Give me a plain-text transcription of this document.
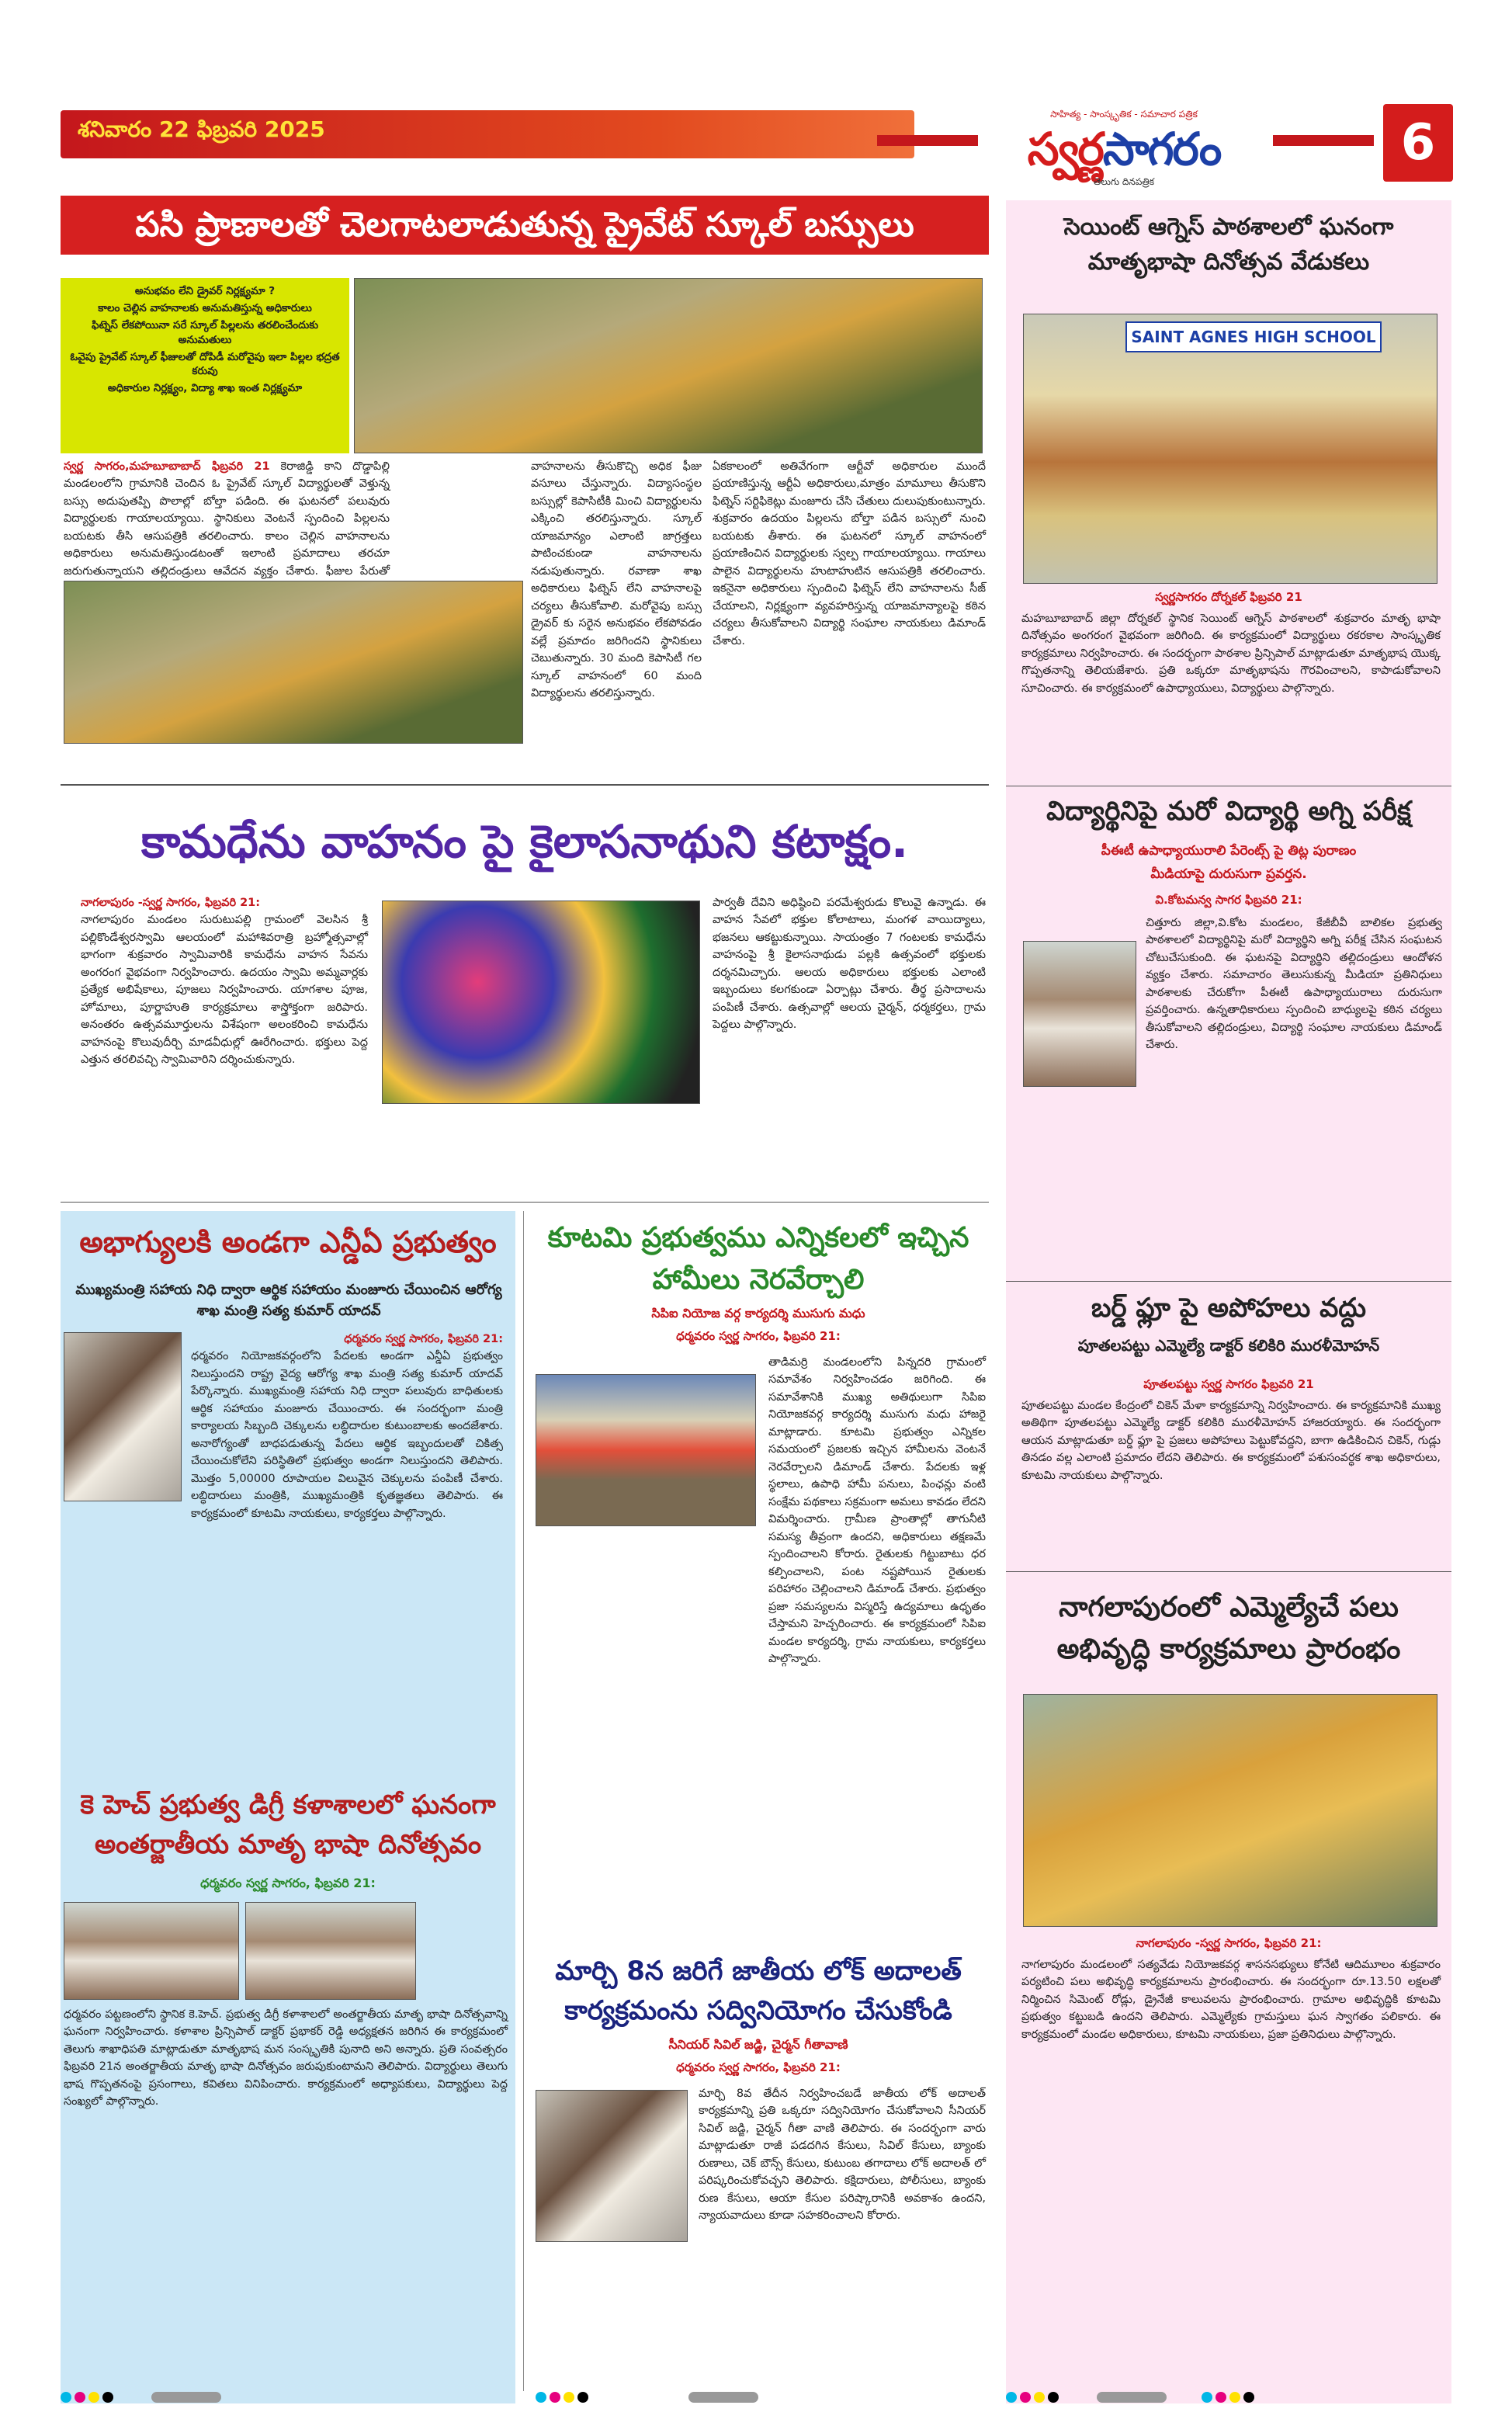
శనివారం 22 ఫిబ్రవరి 2025
సాహిత్య - సాంస్కృతిక - సమాచార పత్రిక
స్వర్ణసాగరం
తెలుగు దినపత్రిక
6
పసి ప్రాణాలతో చెలగాటలాడుతున్న ప్రైవేట్ స్కూల్ బస్సులు
అనుభవం లేని డ్రైవర్ నిర్లక్ష్యమా ?
కాలం చెల్లిన వాహనాలకు అనుమతిస్తున్న అధికారులు
ఫిట్నెస్ లేకపోయినా సరే స్కూల్ పిల్లలను తరలించేందుకు అనుమతులు
ఓవైపు ప్రైవేట్ స్కూల్ ఫీజులతో దోపిడీ మరోవైపు ఇలా పిల్లల భద్రత కరువు
అధికారుల నిర్లక్ష్యం, విద్యా శాఖ ఇంత నిర్లక్ష్యమా
స్వర్ణ సాగరం,మహబూబాబాద్ ఫిబ్రవరి 21 కెరాజిడ్డి కాని దొడ్డాపిల్లి మండలంలోని గ్రామానికి చెందిన ఓ ప్రైవేట్ స్కూల్ విద్యార్థులతో వెళ్తున్న బస్సు అదుపుతప్పి పొలాల్లో బోల్తా పడింది. ఈ ఘటనలో పలువురు విద్యార్థులకు గాయాలయ్యాయి. స్థానికులు వెంటనే స్పందించి పిల్లలను బయటకు తీసి ఆసుపత్రికి తరలించారు. కాలం చెల్లిన వాహనాలను అధికారులు అనుమతిస్తుండటంతో ఇలాంటి ప్రమాదాలు తరచూ జరుగుతున్నాయని తల్లిదండ్రులు ఆవేదన వ్యక్తం చేశారు. ఫీజుల పేరుతో
వాహనాలను తీసుకొచ్చి అధిక ఫీజు వసూలు చేస్తున్నారు. విద్యాసంస్థల బస్సుల్లో కెపాసిటీకి మించి విద్యార్థులను ఎక్కించి తరలిస్తున్నారు. స్కూల్ యాజమాన్యం ఎలాంటి జాగ్రత్తలు పాటించకుండా వాహనాలను నడుపుతున్నారు. రవాణా శాఖ అధికారులు ఫిట్నెస్ లేని వాహనాలపై చర్యలు తీసుకోవాలి. మరోవైపు బస్సు డ్రైవర్ కు సరైన అనుభవం లేకపోవడం వల్లే ప్రమాదం జరిగిందని స్థానికులు చెబుతున్నారు. 30 మంది కెపాసిటీ గల స్కూల్ వాహనంలో 60 మంది విద్యార్థులను తరలిస్తున్నారు.
ఏకకాలంలో అతివేగంగా ఆర్టీవో అధికారుల ముందే ప్రయాణిస్తున్న ఆర్టీఏ అధికారులు,మాత్రం మామూలు తీసుకొని ఫిట్నెస్ సర్టిఫికెట్లు మంజూరు చేసి చేతులు దులుపుకుంటున్నారు. శుక్రవారం ఉదయం పిల్లలను బోల్తా పడిన బస్సులో నుంచి బయటకు తీశారు. ఈ ఘటనలో స్కూల్ వాహనంలో ప్రయాణించిన విద్యార్థులకు స్వల్ప గాయాలయ్యాయి. గాయాలు పాలైన విద్యార్థులను హుటాహుటిన ఆసుపత్రికి తరలించారు. ఇకనైనా అధికారులు స్పందించి ఫిట్నెస్ లేని వాహనాలను సీజ్ చేయాలని, నిర్లక్ష్యంగా వ్యవహరిస్తున్న యాజమాన్యాలపై కఠిన చర్యలు తీసుకోవాలని విద్యార్థి సంఘాల నాయకులు డిమాండ్ చేశారు.
కామధేను వాహనం పై కైలాసనాథుని కటాక్షం.
నాగలాపురం -స్వర్ణ సాగరం, ఫిబ్రవరి 21:
నాగలాపురం మండలం సురుటుపల్లి గ్రామంలో వెలసిన శ్రీ పల్లికొండేశ్వరస్వామి ఆలయంలో మహాశివరాత్రి బ్రహ్మోత్సవాల్లో భాగంగా శుక్రవారం స్వామివారికి కామధేను వాహన సేవను అంగరంగ వైభవంగా నిర్వహించారు. ఉదయం స్వామి అమ్మవార్లకు ప్రత్యేక అభిషేకాలు, పూజలు నిర్వహించారు. యాగశాల పూజ, హోమాలు, పూర్ణాహుతి కార్యక్రమాలు శాస్త్రోక్తంగా జరిపారు. అనంతరం ఉత్సవమూర్తులను విశేషంగా అలంకరించి కామధేను వాహనంపై కొలువుదీర్చి మాడవీధుల్లో ఊరేగించారు. భక్తులు పెద్ద ఎత్తున తరలివచ్చి స్వామివారిని దర్శించుకున్నారు.
పార్వతీ దేవిని అధిష్ఠించి పరమేశ్వరుడు కొలువై ఉన్నాడు. ఈ వాహన సేవలో భక్తుల కోలాటాలు, మంగళ వాయిద్యాలు, భజనలు ఆకట్టుకున్నాయి. సాయంత్రం 7 గంటలకు కామధేను వాహనంపై శ్రీ కైలాసనాథుడు పల్లకి ఉత్సవంలో భక్తులకు దర్శనమిచ్చారు. ఆలయ అధికారులు భక్తులకు ఎలాంటి ఇబ్బందులు కలగకుండా ఏర్పాట్లు చేశారు. తీర్థ ప్రసాదాలను పంపిణీ చేశారు. ఉత్సవాల్లో ఆలయ చైర్మన్, ధర్మకర్తలు, గ్రామ పెద్దలు పాల్గొన్నారు.
అభాగ్యులకి అండగా ఎన్డీఏ ప్రభుత్వం
ముఖ్యమంత్రి సహాయ నిధి ద్వారా ఆర్థిక సహాయం మంజూరు చేయించిన ఆరోగ్య శాఖ మంత్రి సత్య కుమార్ యాదవ్
ధర్మవరం స్వర్ణ సాగరం, ఫిబ్రవరి 21:
ధర్మవరం నియోజకవర్గంలోని పేదలకు అండగా ఎన్డీఏ ప్రభుత్వం నిలుస్తుందని రాష్ట్ర వైద్య ఆరోగ్య శాఖ మంత్రి సత్య కుమార్ యాదవ్ పేర్కొన్నారు. ముఖ్యమంత్రి సహాయ నిధి ద్వారా పలువురు బాధితులకు ఆర్థిక సహాయం మంజూరు చేయించారు. ఈ సందర్భంగా మంత్రి కార్యాలయ సిబ్బంది చెక్కులను లబ్ధిదారుల కుటుంబాలకు అందజేశారు. అనారోగ్యంతో బాధపడుతున్న పేదలు ఆర్థిక ఇబ్బందులతో చికిత్స చేయించుకోలేని పరిస్థితిలో ప్రభుత్వం అండగా నిలుస్తుందని తెలిపారు. మొత్తం 5,00000 రూపాయల విలువైన చెక్కులను పంపిణీ చేశారు. లబ్ధిదారులు మంత్రికి, ముఖ్యమంత్రికి కృతజ్ఞతలు తెలిపారు. ఈ కార్యక్రమంలో కూటమి నాయకులు, కార్యకర్తలు పాల్గొన్నారు.
కె హెచ్ ప్రభుత్వ డిగ్రీ కళాశాలలో ఘనంగా అంతర్జాతీయ మాతృ భాషా దినోత్సవం
ధర్మవరం స్వర్ణ సాగరం, ఫిబ్రవరి 21:
ధర్మవరం పట్టణంలోని స్థానిక కె.హెచ్. ప్రభుత్వ డిగ్రీ కళాశాలలో అంతర్జాతీయ మాతృ భాషా దినోత్సవాన్ని ఘనంగా నిర్వహించారు. కళాశాల ప్రిన్సిపాల్ డాక్టర్ ప్రభాకర్ రెడ్డి అధ్యక్షతన జరిగిన ఈ కార్యక్రమంలో తెలుగు శాఖాధిపతి మాట్లాడుతూ మాతృభాష మన సంస్కృతికి పునాది అని అన్నారు. ప్రతి సంవత్సరం ఫిబ్రవరి 21న అంతర్జాతీయ మాతృ భాషా దినోత్సవం జరుపుకుంటామని తెలిపారు. విద్యార్థులు తెలుగు భాష గొప్పతనంపై ప్రసంగాలు, కవితలు వినిపించారు. కార్యక్రమంలో అధ్యాపకులు, విద్యార్థులు పెద్ద సంఖ్యలో పాల్గొన్నారు.
కూటమి ప్రభుత్వము ఎన్నికలలో ఇచ్చిన హామీలు నెరవేర్చాలి
సిపిఐ నియోజ వర్గ కార్యదర్శి ముసుగు మధు
ధర్మవరం స్వర్ణ సాగరం, ఫిబ్రవరి 21:
తాడిమర్రి మండలంలోని పిన్నదరి గ్రామంలో సమావేశం నిర్వహించడం జరిగింది. ఈ సమావేశానికి ముఖ్య అతిథులుగా సిపిఐ నియోజకవర్గ కార్యదర్శి ముసుగు మధు హాజరై మాట్లాడారు. కూటమి ప్రభుత్వం ఎన్నికల సమయంలో ప్రజలకు ఇచ్చిన హామీలను వెంటనే నెరవేర్చాలని డిమాండ్ చేశారు. పేదలకు ఇళ్ల స్థలాలు, ఉపాధి హామీ పనులు, పింఛన్లు వంటి సంక్షేమ పథకాలు సక్రమంగా అమలు కావడం లేదని విమర్శించారు. గ్రామీణ ప్రాంతాల్లో తాగునీటి సమస్య తీవ్రంగా ఉందని, అధికారులు తక్షణమే స్పందించాలని కోరారు. రైతులకు గిట్టుబాటు ధర కల్పించాలని, పంట నష్టపోయిన రైతులకు పరిహారం చెల్లించాలని డిమాండ్ చేశారు. ప్రభుత్వం ప్రజా సమస్యలను విస్మరిస్తే ఉద్యమాలు ఉధృతం చేస్తామని హెచ్చరించారు. ఈ కార్యక్రమంలో సిపిఐ మండల కార్యదర్శి, గ్రామ నాయకులు, కార్యకర్తలు పాల్గొన్నారు.
మార్చి 8న జరిగే జాతీయ లోక్ అదాలత్ కార్యక్రమంను సద్వినియోగం చేసుకోండి
సీనియర్ సివిల్ జడ్జి, చైర్మన్ గీతావాణి
ధర్మవరం స్వర్ణ సాగరం, ఫిబ్రవరి 21:
మార్చి 8వ తేదీన నిర్వహించబడే జాతీయ లోక్ అదాలత్ కార్యక్రమాన్ని ప్రతి ఒక్కరూ సద్వినియోగం చేసుకోవాలని సీనియర్ సివిల్ జడ్జి, చైర్మన్ గీతా వాణి తెలిపారు. ఈ సందర్భంగా వారు మాట్లాడుతూ రాజీ పడదగిన కేసులు, సివిల్ కేసులు, బ్యాంకు రుణాలు, చెక్ బౌన్స్ కేసులు, కుటుంబ తగాదాలు లోక్ అదాలత్ లో పరిష్కరించుకోవచ్చని తెలిపారు. కక్షిదారులు, పోలీసులు, బ్యాంకు రుణ కేసులు, ఆయా కేసుల పరిష్కారానికి అవకాశం ఉందని, న్యాయవాదులు కూడా సహకరించాలని కోరారు.
సెయింట్ ఆగ్నెస్ పాఠశాలలో ఘనంగా మాతృభాషా దినోత్సవ వేడుకలు
SAINT AGNES HIGH SCHOOL
స్వర్ణసాగరం దోర్నకల్ ఫిబ్రవరి 21
మహబూబాబాద్ జిల్లా దోర్నకల్ స్థానిక సెయింట్ ఆగ్నెస్ పాఠశాలలో శుక్రవారం మాతృ భాషా దినోత్సవం అంగరంగ వైభవంగా జరిగింది. ఈ కార్యక్రమంలో విద్యార్థులు రకరకాల సాంస్కృతిక కార్యక్రమాలు నిర్వహించారు. ఈ సందర్భంగా పాఠశాల ప్రిన్సిపాల్ మాట్లాడుతూ మాతృభాష యొక్క గొప్పతనాన్ని తెలియజేశారు. ప్రతి ఒక్కరూ మాతృభాషను గౌరవించాలని, కాపాడుకోవాలని సూచించారు. ఈ కార్యక్రమంలో ఉపాధ్యాయులు, విద్యార్థులు పాల్గొన్నారు.
విద్యార్థినిపై మరో విద్యార్థి అగ్ని పరీక్ష
పీఈటీ ఉపాధ్యాయురాలి పేరెంట్స్ పై తిట్ల పురాణం
మీడియాపై దురుసుగా ప్రవర్తన.
వి.కోటమన్వ సాగర ఫిబ్రవరి 21:
చిత్తూరు జిల్లా,వి.కోట మండలం, కేజీబీవీ బాలికల ప్రభుత్వ పాఠశాలలో విద్యార్థినిపై మరో విద్యార్థిని అగ్ని పరీక్ష చేసిన సంఘటన చోటుచేసుకుంది. ఈ ఘటనపై విద్యార్థిని తల్లిదండ్రులు ఆందోళన వ్యక్తం చేశారు. సమాచారం తెలుసుకున్న మీడియా ప్రతినిధులు పాఠశాలకు చేరుకోగా పీఈటీ ఉపాధ్యాయురాలు దురుసుగా ప్రవర్తించారు. ఉన్నతాధికారులు స్పందించి బాధ్యులపై కఠిన చర్యలు తీసుకోవాలని తల్లిదండ్రులు, విద్యార్థి సంఘాల నాయకులు డిమాండ్ చేశారు.
బర్డ్ ఫ్లూ పై అపోహలు వద్దు
పూతలపట్టు ఎమ్మెల్యే డాక్టర్ కలికిరి మురళీమోహన్
పూతలపట్టు స్వర్ణ సాగరం ఫిబ్రవరి 21
పూతలపట్టు మండల కేంద్రంలో చికెన్ మేళా కార్యక్రమాన్ని నిర్వహించారు. ఈ కార్యక్రమానికి ముఖ్య అతిథిగా పూతలపట్టు ఎమ్మెల్యే డాక్టర్ కలికిరి మురళీమోహన్ హాజరయ్యారు. ఈ సందర్భంగా ఆయన మాట్లాడుతూ బర్డ్ ఫ్లూ పై ప్రజలు అపోహలు పెట్టుకోవద్దని, బాగా ఉడికించిన చికెన్, గుడ్లు తినడం వల్ల ఎలాంటి ప్రమాదం లేదని తెలిపారు. ఈ కార్యక్రమంలో పశుసంవర్ధక శాఖ అధికారులు, కూటమి నాయకులు పాల్గొన్నారు.
నాగలాపురంలో ఎమ్మెల్యేచే పలు అభివృద్ధి కార్యక్రమాలు ప్రారంభం
నాగలాపురం -స్వర్ణ సాగరం, ఫిబ్రవరి 21:
నాగలాపురం మండలంలో సత్యవేడు నియోజకవర్గ శాసనసభ్యులు కోనేటి ఆదిమూలం శుక్రవారం పర్యటించి పలు అభివృద్ధి కార్యక్రమాలను ప్రారంభించారు. ఈ సందర్భంగా రూ.13.50 లక్షలతో నిర్మించిన సిమెంట్ రోడ్లు, డ్రైనేజీ కాలువలను ప్రారంభించారు. గ్రామాల అభివృద్ధికి కూటమి ప్రభుత్వం కట్టుబడి ఉందని తెలిపారు. ఎమ్మెల్యేకు గ్రామస్తులు ఘన స్వాగతం పలికారు. ఈ కార్యక్రమంలో మండల అధికారులు, కూటమి నాయకులు, ప్రజా ప్రతినిధులు పాల్గొన్నారు.
